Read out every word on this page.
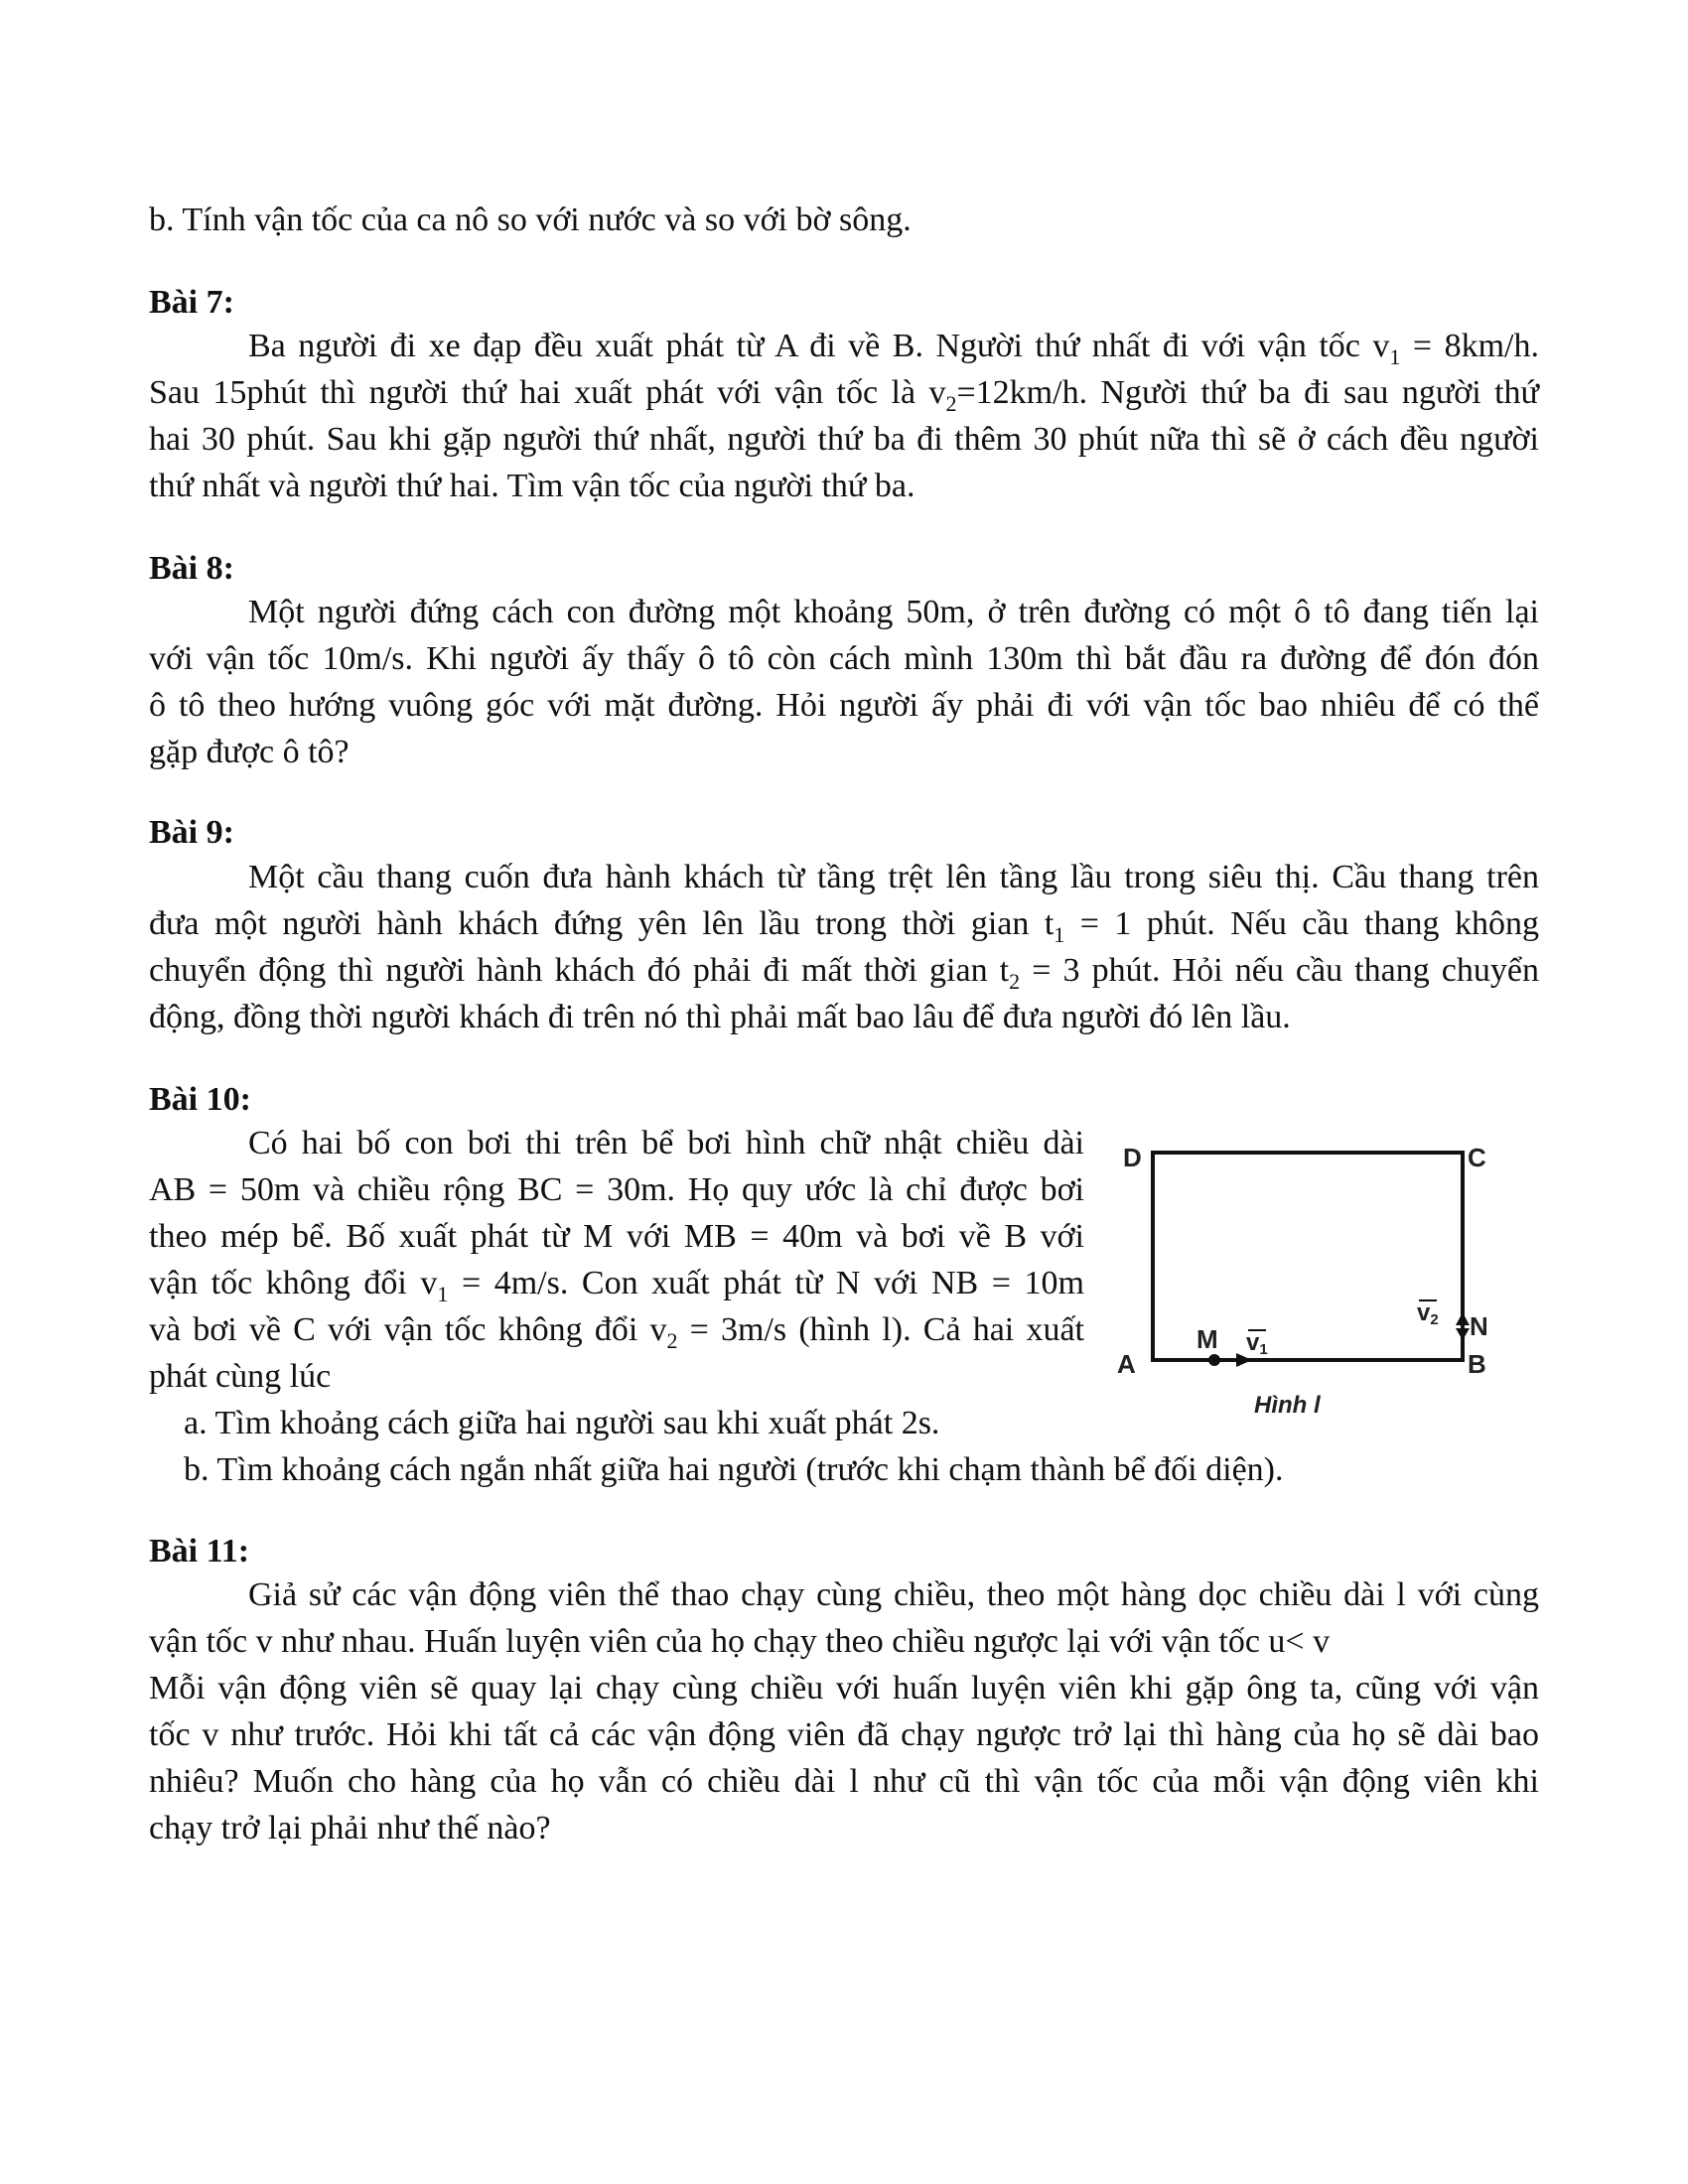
b. Tính vận tốc của ca nô so với nước và so với bờ sông.
Bài 7:
Ba người đi xe đạp đều xuất phát từ A đi về B. Người thứ nhất đi với vận tốc $v_1 = 8km/h$.
Sau 15phút thì người thứ hai xuất phát với vận tốc là $v_2=12km/h$. Người thứ ba đi sau người thứ
hai 30 phút. Sau khi gặp người thứ nhất, người thứ ba đi thêm 30 phút nữa thì sẽ ở cách đều người
thứ nhất và người thứ hai. Tìm vận tốc của người thứ ba.
Bài 8:
Một người đứng cách con đường một khoảng 50m, ở trên đường có một ô tô đang tiến lại
với vận tốc 10m/s. Khi người ấy thấy ô tô còn cách mình 130m thì bắt đầu ra đường để đón đón
ô tô theo hướng vuông góc với mặt đường. Hỏi người ấy phải đi với vận tốc bao nhiêu để có thể
gặp được ô tô?
Bài 9:
Một cầu thang cuốn đưa hành khách từ tầng trệt lên tầng lầu trong siêu thị. Cầu thang trên
đưa một người hành khách đứng yên lên lầu trong thời gian $t_1 = 1$ phút. Nếu cầu thang không
chuyển động thì người hành khách đó phải đi mất thời gian $t_2 = 3$ phút. Hỏi nếu cầu thang chuyển
động, đồng thời người khách đi trên nó thì phải mất bao lâu để đưa người đó lên lầu.
Bài 10:
Có hai bố con bơi thi trên bể bơi hình chữ nhật chiều dài
AB = 50m và chiều rộng BC = 30m. Họ quy ước là chỉ được bơi
theo mép bể. Bố xuất phát từ M với MB = 40m và bơi về B với
vận tốc không đổi $v_1 = 4m/s$. Con xuất phát từ N với NB = 10m
và bơi về C với vận tốc không đổi $v_2 = 3m/s$ (hình l). Cả hai xuất
phát cùng lúc
a. Tìm khoảng cách giữa hai người sau khi xuất phát 2s.
b. Tìm khoảng cách ngắn nhất giữa hai người (trước khi chạm thành bể đối diện).
D	C
A	B
M v1
N
v2
Hình l
Bài 11:
Giả sử các vận động viên thể thao chạy cùng chiều, theo một hàng dọc chiều dài l với cùng
vận tốc v như nhau. Huấn luyện viên của họ chạy theo chiều ngược lại với vận tốc u< v
Mỗi vận động viên sẽ quay lại chạy cùng chiều với huấn luyện viên khi gặp ông ta, cũng với vận
tốc v như trước. Hỏi khi tất cả các vận động viên đã chạy ngược trở lại thì hàng của họ sẽ dài bao
nhiêu? Muốn cho hàng của họ vẫn có chiều dài l như cũ thì vận tốc của mỗi vận động viên khi
chạy trở lại phải như thế nào?
